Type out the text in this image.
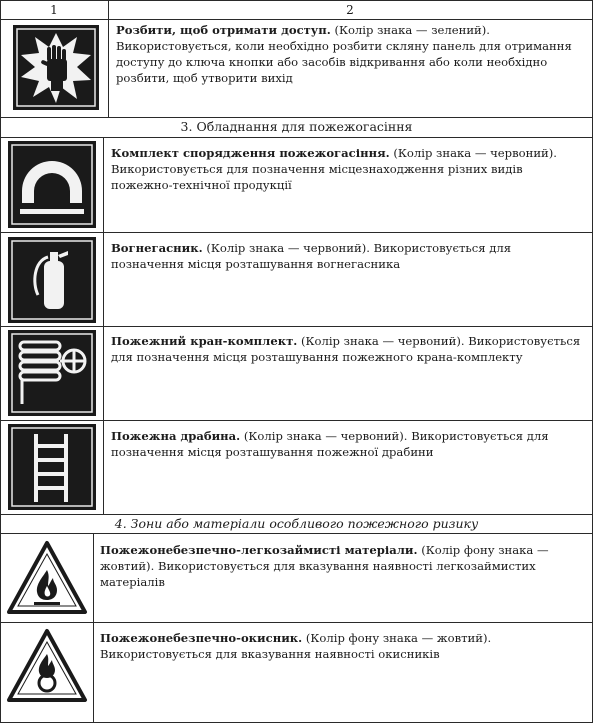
1	2
Розбити, щоб отримати доступ. (Колір знака — зелений). Використовується, коли необхідно розбити скляну панель для отримання доступу до ключа кнопки або засобів відкривання або коли необхідно розбити, щоб утворити вихід
3. Обладнання для пожежогасіння
Комплект спорядження пожежогасіння. (Колір знака — червоний). Використовується для позначення місцезнаходження різних видів пожежно-технічної продукції
Вогнегасник. (Колір знака — червоний). Використовується для позначення місця розташування вогнегасника
Пожежний кран-комплект. (Колір знака — червоний). Використовується для позначення місця розташування пожежного крана-комплекту
Пожежна драбина. (Колір знака — червоний). Використовується для позначення місця розташування пожежної драбини
4. Зони або матеріали особливого пожежного ризику
Пожежонебезпечно-легкозаймисті матеріали. (Колір фону знака — жовтий). Використовується для вказування наявності легкозаймистих матеріалів
Пожежонебезпечно-окисник. (Колір фону знака — жовтий). Використовується для вказування наявності окисників
